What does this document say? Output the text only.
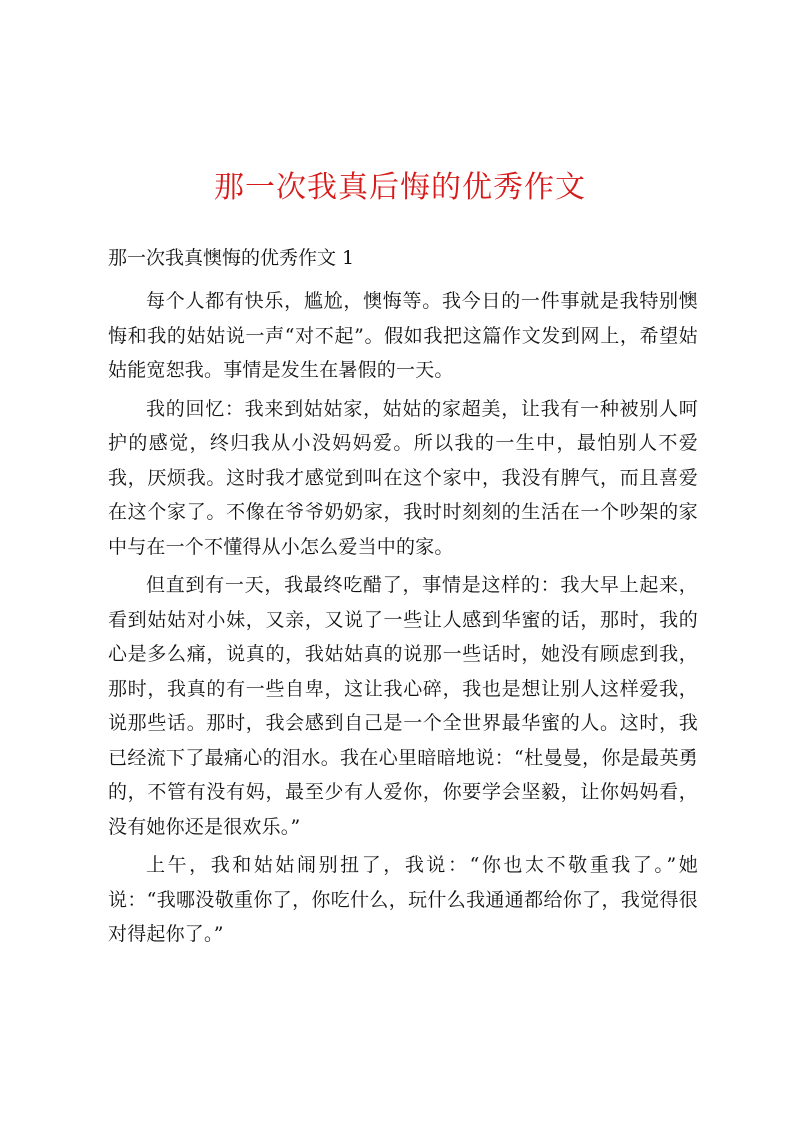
那一次我真后悔的优秀作文
那一次我真懊悔的优秀作文 1

每个人都有快乐，尴尬，懊悔等。我今日的一件事就是我特别懊悔和我的姑姑说一声“对不起”。假如我把这篇作文发到网上，希望姑姑能宽恕我。事情是发生在暑假的一天。

我的回忆：我来到姑姑家，姑姑的家超美，让我有一种被别人呵护的感觉，终归我从小没妈妈爱。所以我的一生中，最怕别人不爱我，厌烦我。这时我才感觉到叫在这个家中，我没有脾气，而且喜爱在这个家了。不像在爷爷奶奶家，我时时刻刻的生活在一个吵架的家中与在一个不懂得从小怎么爱当中的家。

但直到有一天，我最终吃醋了，事情是这样的：我大早上起来，看到姑姑对小妹，又亲，又说了一些让人感到华蜜的话，那时，我的心是多么痛，说真的，我姑姑真的说那一些话时，她没有顾虑到我，那时，我真的有一些自卑，这让我心碎，我也是想让别人这样爱我，说那些话。那时，我会感到自己是一个全世界最华蜜的人。这时，我已经流下了最痛心的泪水。我在心里暗暗地说：“杜曼曼，你是最英勇的，不管有没有妈，最至少有人爱你，你要学会坚毅，让你妈妈看，没有她你还是很欢乐。”

上午，我和姑姑闹别扭了，我说：“你也太不敬重我了。”她说：“我哪没敬重你了，你吃什么，玩什么我通通都给你了，我觉得很对得起你了。”
